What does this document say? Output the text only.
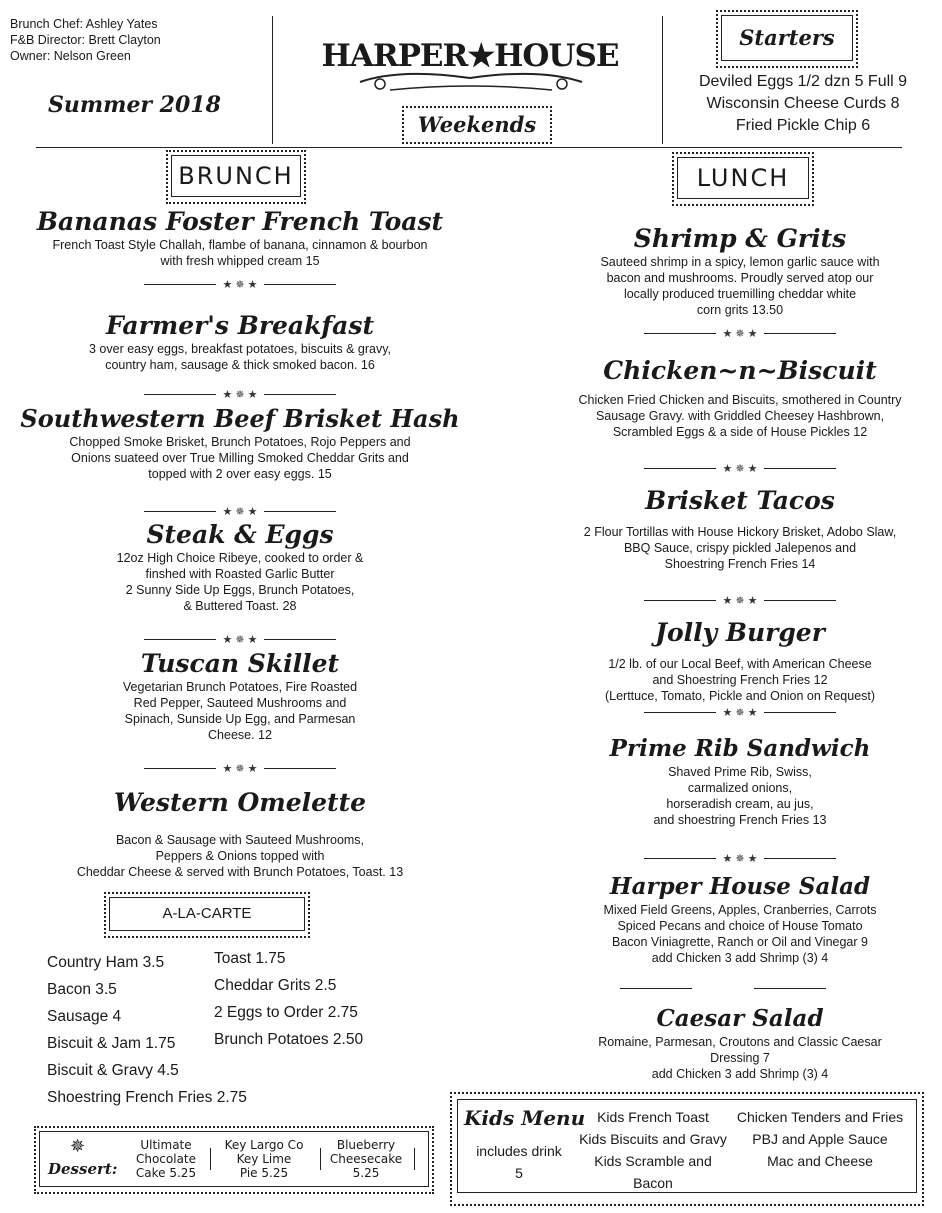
Brunch Chef: Ashley Yates
F&B Director: Brett Clayton
Owner: Nelson Green
Summer 2018
HARPER★HOUSE
Weekends
Starters
Deviled Eggs 1/2 dzn 5 Full 9
Wisconsin Cheese Curds 8
Fried Pickle Chip 6
BRUNCH
Bananas Foster French Toast
French Toast Style Challah, flambe of banana, cinnamon & bourbon
with fresh whipped cream 15
★ ✵ ★
Farmer's Breakfast
3 over easy eggs, breakfast potatoes, biscuits & gravy,
country ham, sausage & thick smoked bacon. 16
★ ✵ ★
Southwestern Beef Brisket Hash
Chopped Smoke Brisket, Brunch Potatoes, Rojo Peppers and
Onions suateed over True Milling Smoked Cheddar Grits and
topped with 2 over easy eggs. 15
★ ✵ ★
Steak & Eggs
12oz High Choice Ribeye, cooked to order &
finshed with Roasted Garlic Butter
2 Sunny Side Up Eggs, Brunch Potatoes,
& Buttered Toast. 28
★ ✵ ★
Tuscan Skillet
Vegetarian Brunch Potatoes, Fire Roasted
Red Pepper, Sauteed Mushrooms and
Spinach, Sunside Up Egg, and Parmesan
Cheese. 12
★ ✵ ★
Western Omelette
Bacon & Sausage with Sauteed Mushrooms,
Peppers & Onions topped with
Cheddar Cheese & served with Brunch Potatoes, Toast. 13
A-LA-CARTE
Country Ham 3.5
Bacon 3.5
Sausage 4
Biscuit & Jam 1.75
Biscuit & Gravy 4.5
Shoestring French Fries 2.75
Toast 1.75
Cheddar Grits 2.5
2 Eggs to Order 2.75
Brunch Potatoes 2.50
✵
Dessert:
Ultimate
Chocolate
Cake 5.25
Key Largo Co
Key Lime
Pie 5.25
Blueberry
Cheesecake
5.25
LUNCH
Shrimp & Grits
Sauteed shrimp in a spicy, lemon garlic sauce with
bacon and mushrooms. Proudly served atop our
locally produced truemilling cheddar white
corn grits 13.50
★ ✵ ★
Chicken~n~Biscuit
Chicken Fried Chicken and Biscuits, smothered in Country
Sausage Gravy. with Griddled Cheesey Hashbrown,
Scrambled Eggs & a side of House Pickles 12
★ ✵ ★
Brisket Tacos
2 Flour Tortillas with House Hickory Brisket, Adobo Slaw,
BBQ Sauce, crispy pickled Jalepenos and
Shoestring French Fries 14
★ ✵ ★
Jolly Burger
1/2 lb. of our Local Beef, with American Cheese
and Shoestring French Fries 12
(Lerttuce, Tomato, Pickle and Onion on Request)
★ ✵ ★
Prime Rib Sandwich
Shaved Prime Rib, Swiss,
carmalized onions,
horseradish cream, au jus,
and shoestring French Fries 13
★ ✵ ★
Harper House Salad
Mixed Field Greens, Apples, Cranberries, Carrots
Spiced Pecans and choice of House Tomato
Bacon Viniagrette, Ranch or Oil and Vinegar 9
add Chicken 3 add Shrimp (3) 4
Caesar Salad
Romaine, Parmesan, Croutons and Classic Caesar
Dressing 7
add Chicken 3 add Shrimp (3) 4
Kids Menu
includes drink
5
Kids French Toast
Kids Biscuits and Gravy
Kids Scramble and Bacon
Chicken Tenders and Fries
PBJ and Apple Sauce
Mac and Cheese
